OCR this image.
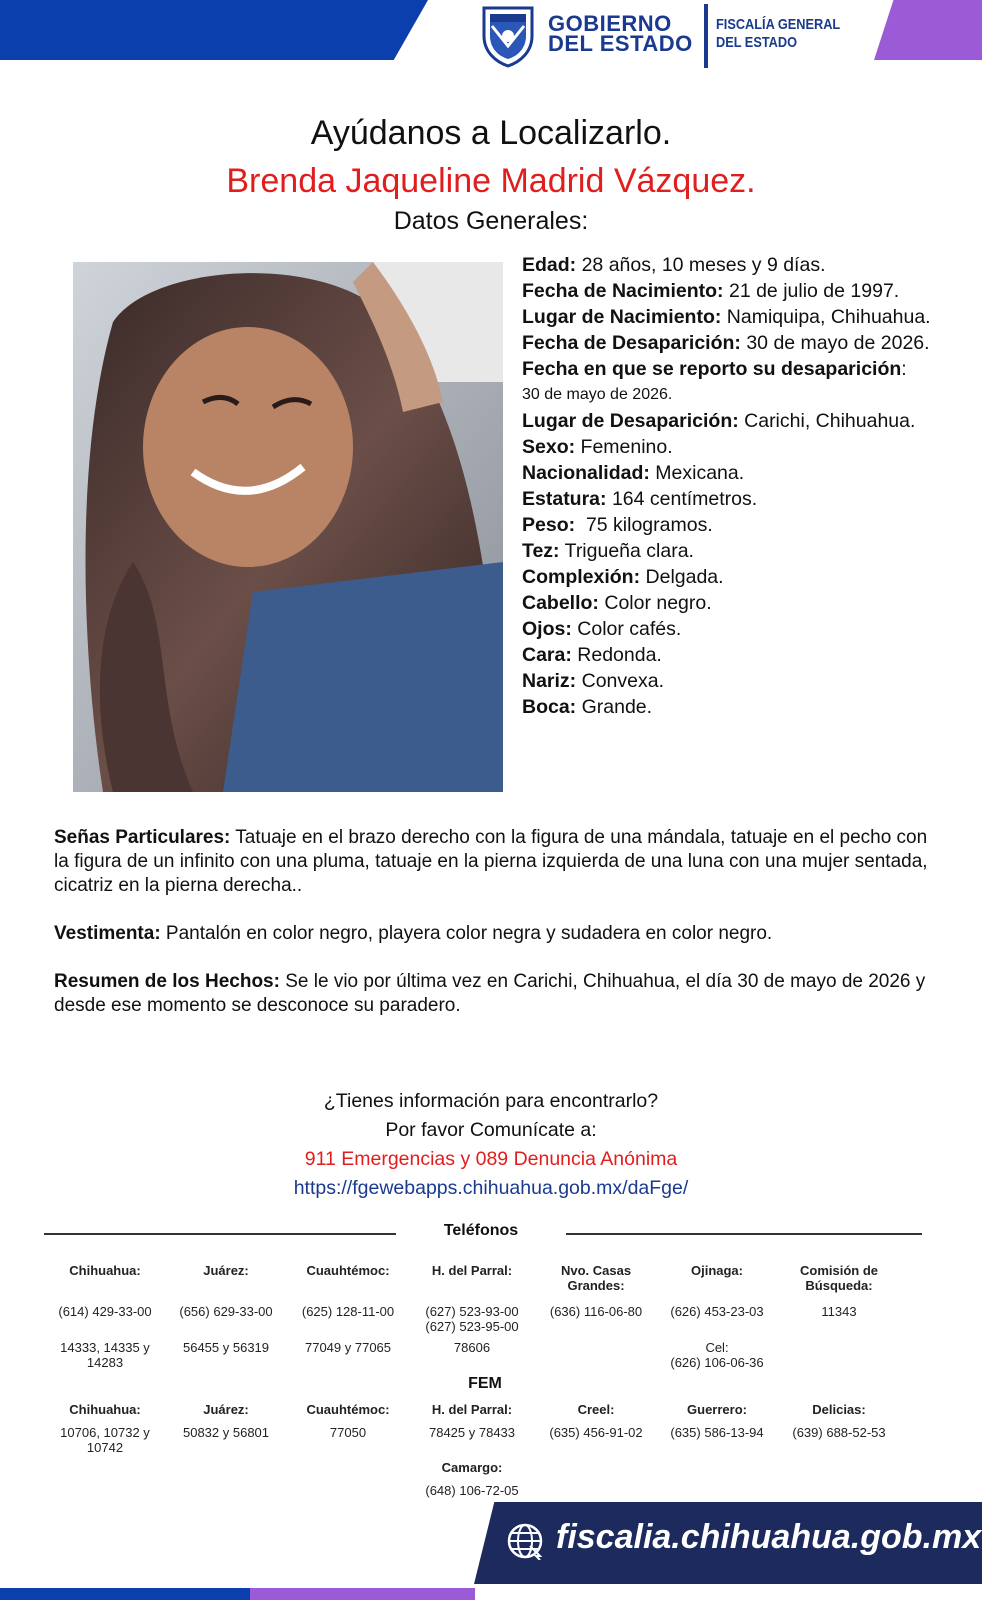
GOBIERNO
DEL ESTADO
FISCALÍA GENERAL
DEL ESTADO
Ayúdanos a Localizarlo.
Brenda Jaqueline Madrid Vázquez.
Datos Generales:
Edad: 28 años, 10 meses y 9 días.
Fecha de Nacimiento: 21 de julio de 1997.
Lugar de Nacimiento: Namiquipa, Chihuahua.
Fecha de Desaparición: 30 de mayo de 2026.
Fecha en que se reporto su desaparición:
30 de mayo de 2026.
Lugar de Desaparición: Carichi, Chihuahua.
Sexo: Femenino.
Nacionalidad: Mexicana.
Estatura: 164 centímetros.
Peso:  75 kilogramos.
Tez: Trigueña clara.
Complexión: Delgada.
Cabello: Color negro.
Ojos: Color cafés.
Cara: Redonda.
Nariz: Convexa.
Boca: Grande.
Señas Particulares: Tatuaje en el brazo derecho con la figura de una mándala, tatuaje en el pecho con la figura de un infinito con una pluma, tatuaje en la pierna izquierda de una luna con una mujer sentada, cicatriz en la pierna derecha..
Vestimenta: Pantalón en color negro, playera color negra y sudadera en color negro.
Resumen de los Hechos: Se le vio por última vez en Carichi, Chihuahua, el día 30 de mayo de 2026 y desde ese momento se desconoce su paradero.
¿Tienes información para encontrarlo?
Por favor Comunícate a:
911 Emergencias y 089 Denuncia Anónima
https://fgewebapps.chihuahua.gob.mx/daFge/
Teléfonos
Chihuahua:
(614) 429-33-00
14333, 14335 y 14283
Juárez:
(656) 629-33-00
56455 y 56319
Cuauhtémoc:
(625) 128-11-00
77049 y 77065
H. del Parral:
(627) 523-93-00
(627) 523-95-00
78606
Nvo. Casas Grandes:
(636) 116-06-80
Ojinaga:
(626) 453-23-03
Cel:
(626) 106-06-36
Comisión de Búsqueda:
11343
Chihuahua:
10706, 10732 y 10742
Juárez:
50832 y 56801
Cuauhtémoc:
77050
H. del Parral:
78425 y 78433
Creel:
(635) 456-91-02
Guerrero:
(635) 586-13-94
Delicias:
(639) 688-52-53
Camargo:
(648) 106-72-05
FEM
fiscalia.chihuahua.gob.mx
